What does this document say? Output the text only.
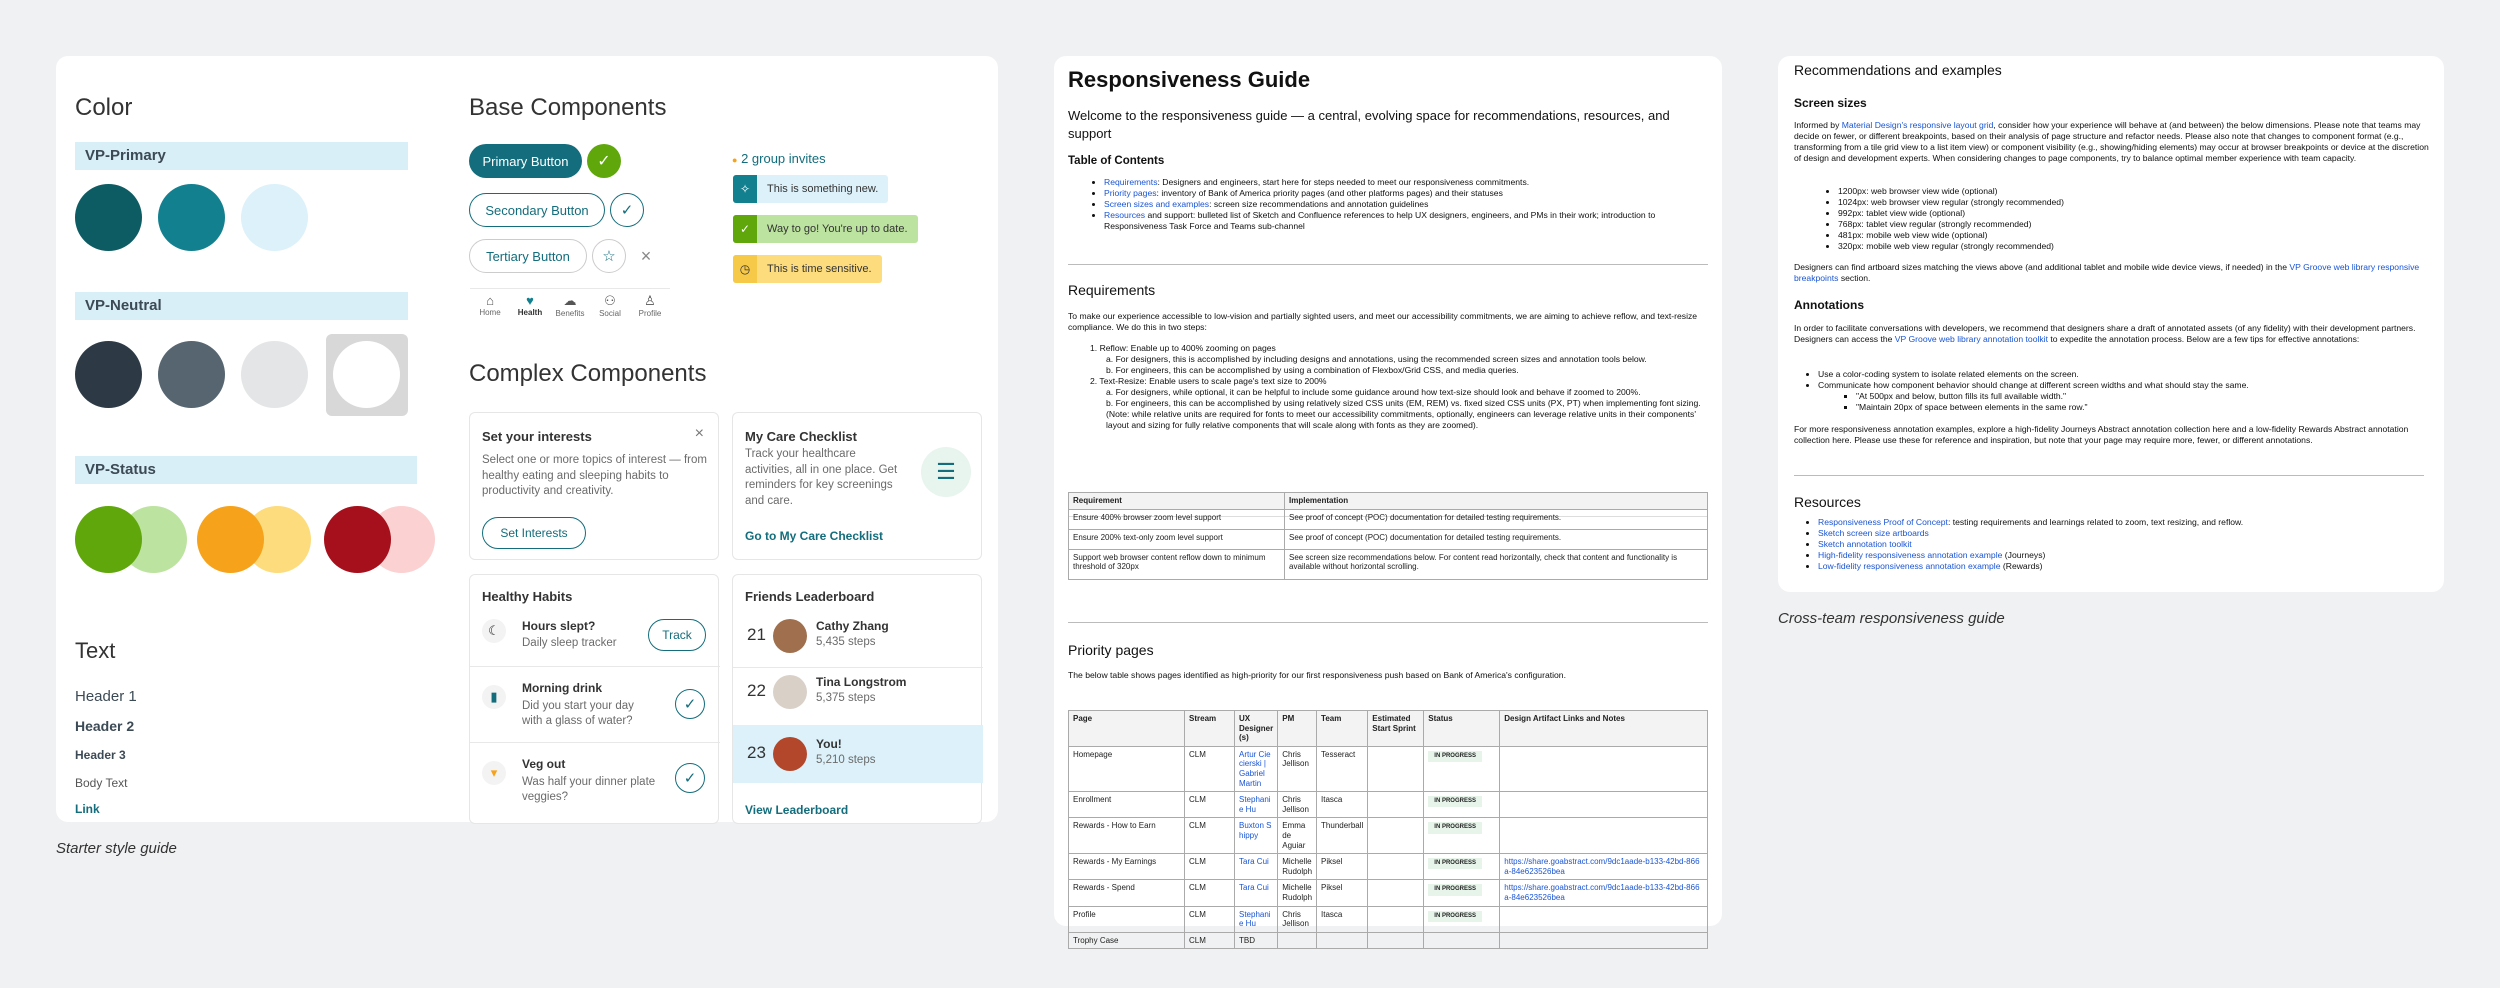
Color
VP-Primary
VP-Neutral
VP-Status
Text
Header 1
Header 2
Header 3
Body Text
Link
Base Components
Primary Button	✓
Secondary Button	✓
Tertiary Button	☆	×
⌂
Home
♥
Health
☁
Benefits
⚇
Social
♙
Profile
● 2 group invites
✧	This is something new.
✓	Way to go! You're up to date.
◷	This is time sensitive.
Complex Components
Set your interests	×
Select one or more topics of interest — from healthy eating and sleeping habits to productivity and creativity.
Set Interests
My Care Checklist
Track your healthcare activities, all in one place. Get reminders for key screenings and care.
☰
Go to My Care Checklist
Healthy Habits
☾	Hours slept?
Daily sleep tracker
Track
▮
Morning drink
Did you start your day with a glass of water?
✓
▾
Veg out
Was half your dinner plate veggies?
✓
Friends Leaderboard
21	Cathy Zhang
5,435 steps
22	Tina Longstrom
5,375 steps
23	You!
5,210 steps
View Leaderboard
Starter style guide
Responsiveness Guide
Welcome to the responsiveness guide — a central, evolving space for recommendations, resources, and support
Table of Contents
• Requirements: Designers and engineers, start here for steps needed to meet our responsiveness commitments.
• Priority pages: inventory of Bank of America priority pages (and other platforms pages) and their statuses
• Screen sizes and examples: screen size recommendations and annotation guidelines
• Resources and support: bulleted list of Sketch and Confluence references to help UX designers, engineers, and PMs in their work; introduction to Responsiveness Task Force and Teams sub-channel
Requirements
To make our experience accessible to low-vision and partially sighted users, and meet our accessibility commitments, we are aiming to achieve reflow, and text-resize compliance. We do this in two steps:
1. Reflow: Enable up to 400% zooming on pages
a. For designers, this is accomplished by including designs and annotations, using the recommended screen sizes and annotation tools below.
b. For engineers, this can be accomplished by using a combination of Flexbox/Grid CSS, and media queries.
2. Text-Resize: Enable users to scale page's text size to 200%
a. For designers, while optional, it can be helpful to include some guidance around how text-size should look and behave if zoomed to 200%.
b. For engineers, this can be accomplished by using relatively sized CSS units (EM, REM) vs. fixed sized CSS units (PX, PT) when implementing font sizing. (Note: while relative units are required for fonts to meet our accessibility commitments, optionally, engineers can leverage relative units in their components' layout and sizing for fully relative components that will scale along with fonts as they are zoomed).
Requirement	Implementation
Ensure 400% browser zoom level support	See proof of concept (POC) documentation for detailed testing requirements.
Ensure 200% text-only zoom level support	See proof of concept (POC) documentation for detailed testing requirements.
Support web browser content reflow down to minimum threshold of 320px	See screen size recommendations below. For content read horizontally, check that content and functionality is available without horizontal scrolling.
Priority pages
The below table shows pages identified as high-priority for our first responsiveness push based on Bank of America's configuration.
Page	Stream	UX Designer (s)	PM	Team	Estimated Start Sprint	Status	Design Artifact Links and Notes
Homepage	CLM	Artur Ciecierski | Gabriel Martin	Chris Jellison	Tesseract		IN PROGRESS	
Enrollment	CLM	Stephanie Hu	Chris Jellison	Itasca		IN PROGRESS	
Rewards - How to Earn	CLM	Buxton Shippy	Emma de Aguiar	Thunderball		IN PROGRESS	
Rewards - My Earnings	CLM	Tara Cui	Michelle Rudolph	Piksel		IN PROGRESS	https://share.goabstract.com/9dc1aade-b133-42bd-866a-84e623526bea
Rewards - Spend	CLM	Tara Cui	Michelle Rudolph	Piksel		IN PROGRESS	https://share.goabstract.com/9dc1aade-b133-42bd-866a-84e623526bea
Profile	CLM	Stephanie Hu	Chris Jellison	Itasca		IN PROGRESS	
Trophy Case	CLM	TBD					
Recommendations and examples
Screen sizes
Informed by Material Design's responsive layout grid, consider how your experience will behave at (and between) the below dimensions. Please note that teams may decide on fewer, or different breakpoints, based on their analysis of page structure and refactor needs. Please also note that changes to component format (e.g., transforming from a tile grid view to a list item view) or component visibility (e.g., showing/hiding elements) may occur at browser breakpoints or device at the discretion of design and development experts. When considering changes to page components, try to balance optimal member experience with team capacity.
• 1200px: web browser view wide (optional)
• 1024px: web browser view regular (strongly recommended)
• 992px: tablet view wide (optional)
• 768px: tablet view regular (strongly recommended)
• 481px: mobile web view wide (optional)
• 320px: mobile web view regular (strongly recommended)
Designers can find artboard sizes matching the views above (and additional tablet and mobile wide device views, if needed) in the VP Groove web library responsive breakpoints section.
Annotations
In order to facilitate conversations with developers, we recommend that designers share a draft of annotated assets (of any fidelity) with their development partners. Designers can access the VP Groove web library annotation toolkit to expedite the annotation process. Below are a few tips for effective annotations:
• Use a color-coding system to isolate related elements on the screen.
• Communicate how component behavior should change at different screen widths and what should stay the same.
▪ "At 500px and below, button fills its full available width."
▪ "Maintain 20px of space between elements in the same row."
For more responsiveness annotation examples, explore a high-fidelity Journeys Abstract annotation collection here and a low-fidelity Rewards Abstract annotation collection here. Please use these for reference and inspiration, but note that your page may require more, fewer, or different annotations.
Resources
• Responsiveness Proof of Concept: testing requirements and learnings related to zoom, text resizing, and reflow.
• Sketch screen size artboards
• Sketch annotation toolkit
• High-fidelity responsiveness annotation example (Journeys)
• Low-fidelity responsiveness annotation example (Rewards)
Cross-team responsiveness guide
